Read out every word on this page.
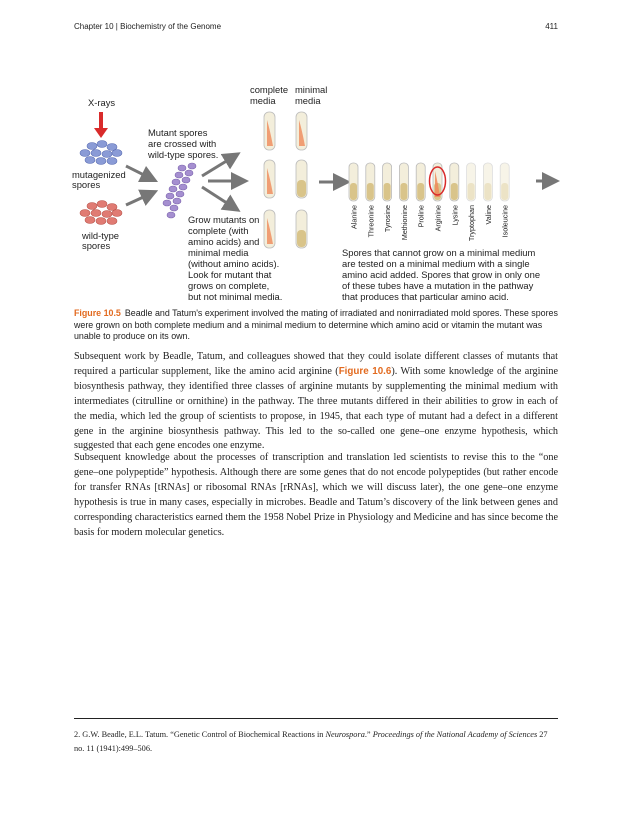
Chapter 10 | Biochemistry of the Genome	411
X-rays
mutagenized
spores
wild-type
spores
Mutant spores are crossed with wild-type spores.
complete media
minimal media
Grow mutants on complete (with amino acids) and minimal media (without amino acids). Look for mutant that grows on complete, but not minimal media.
Alanine Threonine Tyrosine Methionine Proline Arginine Lysine Tryptophan Valine Isoleucine
Spores that cannot grow on a minimal medium are tested on a minimal medium with a single amino acid added. Spores that grow in only one of these tubes have a mutation in the pathway that produces that particular amino acid.
Figure 10.5 Beadle and Tatum's experiment involved the mating of irradiated and nonirradiated mold spores. These spores were grown on both complete medium and a minimal medium to determine which amino acid or vitamin the mutant was unable to produce on its own.

Subsequent work by Beadle, Tatum, and colleagues showed that they could isolate different classes of mutants that required a particular supplement, like the amino acid arginine (Figure 10.6). With some knowledge of the arginine biosynthesis pathway, they identified three classes of arginine mutants by supplementing the minimal medium with intermediates (citrulline or ornithine) in the pathway. The three mutants differed in their abilities to grow in each of the media, which led the group of scientists to propose, in 1945, that each type of mutant had a defect in a different gene in the arginine biosynthesis pathway. This led to the so-called one gene–one enzyme hypothesis, which suggested that each gene encodes one enzyme.

Subsequent knowledge about the processes of transcription and translation led scientists to revise this to the “one gene–one polypeptide” hypothesis. Although there are some genes that do not encode polypeptides (but rather encode for transfer RNAs [tRNAs] or ribosomal RNAs [rRNAs], which we will discuss later), the one gene–one enzyme hypothesis is true in many cases, especially in microbes. Beadle and Tatum’s discovery of the link between genes and corresponding characteristics earned them the 1958 Nobel Prize in Physiology and Medicine and has since become the basis for modern molecular genetics.

2. G.W. Beadle, E.L. Tatum. “Genetic Control of Biochemical Reactions in Neurospora.” Proceedings of the National Academy of Sciences 27 no. 11 (1941):499–506.
